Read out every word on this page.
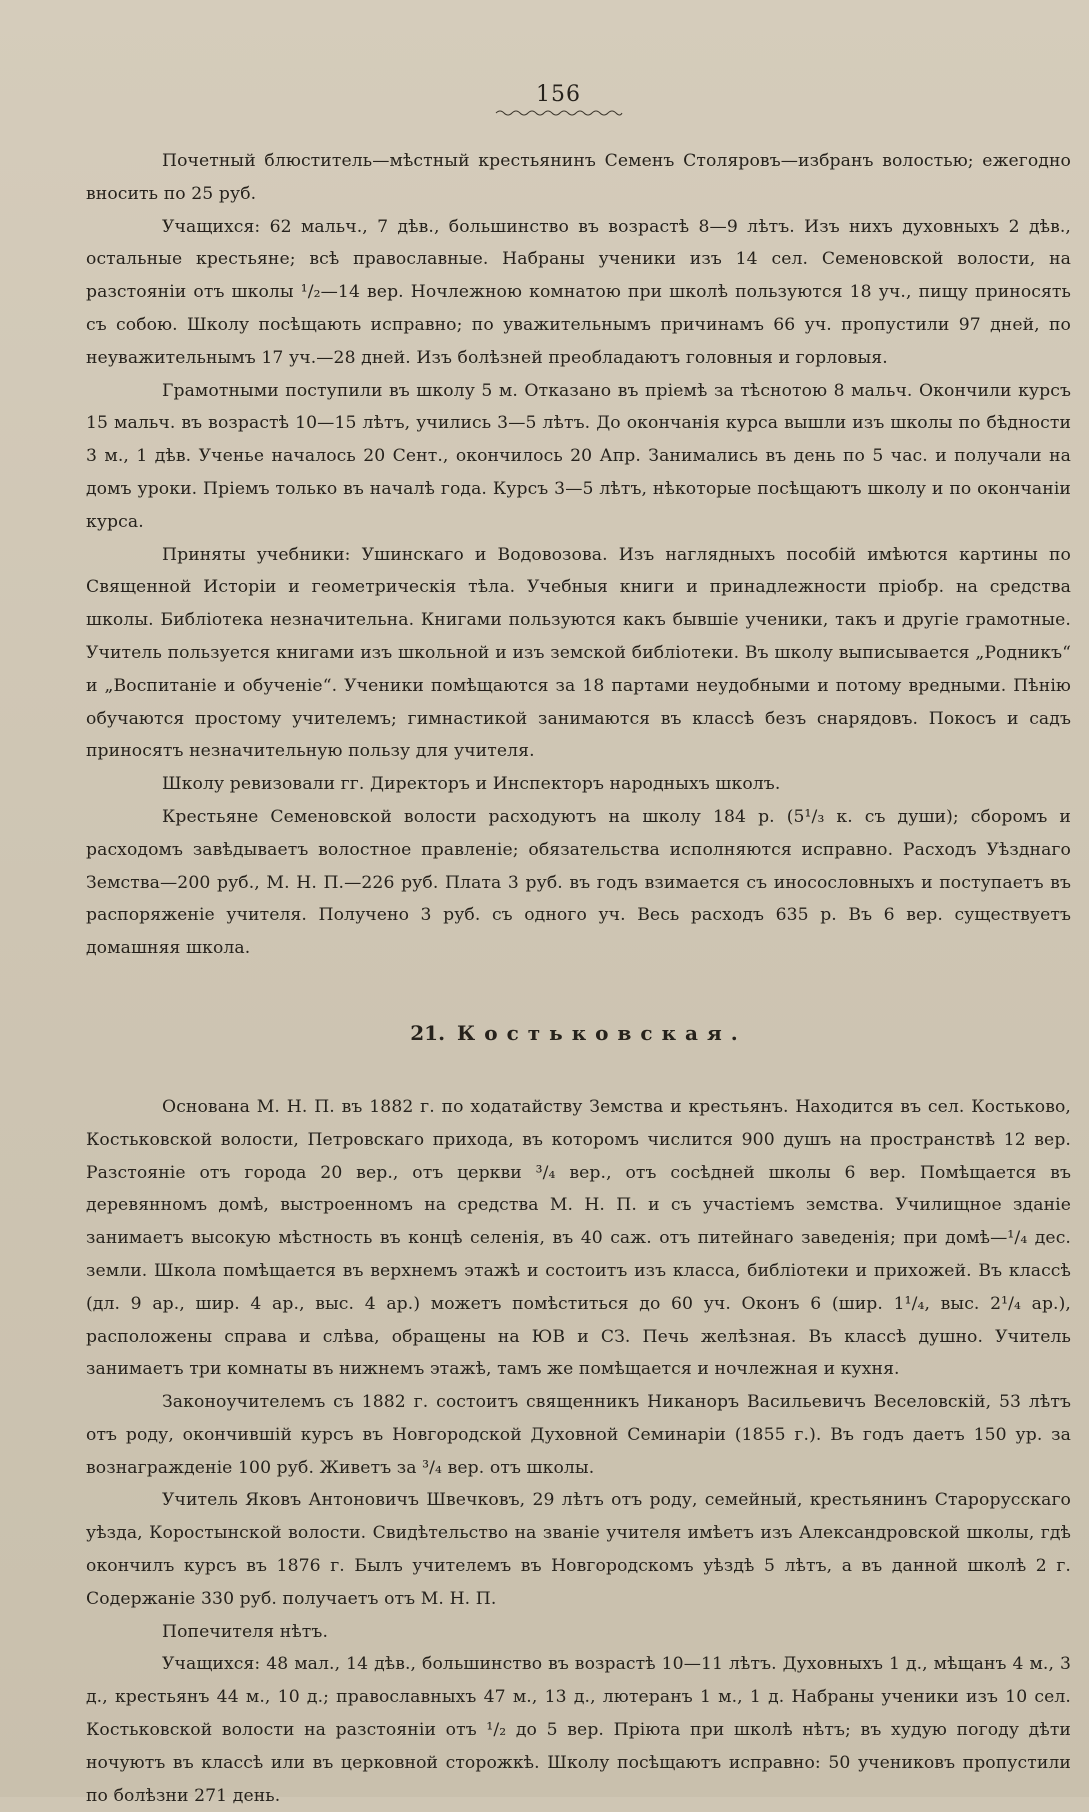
156

Почетный блюститель—мѣстный крестьянинъ Семенъ Столяровъ—избранъ волостью; ежегодно вносить по 25 руб.

Учащихся: 62 мальч., 7 дѣв., большинство въ возрастѣ 8—9 лѣтъ. Изъ нихъ духовныхъ 2 дѣв., остальные крестьяне; всѣ православные. Набраны ученики изъ 14 сел. Семеновской волости, на разстояніи отъ школы ¹/₂—14 вер. Ночлежною комнатою при школѣ пользуются 18 уч., пищу приносять съ собою. Школу посѣщають исправно; по уважительнымъ причинамъ 66 уч. пропустили 97 дней, по неуважительнымъ 17 уч.—28 дней. Изъ болѣзней преобладаютъ головныя и горловыя.

Грамотными поступили въ школу 5 м. Отказано въ пріемѣ за тѣснотою 8 мальч. Окончили курсъ 15 мальч. въ возрастѣ 10—15 лѣтъ, учились 3—5 лѣтъ. До окончанія курса вышли изъ школы по бѣдности 3 м., 1 дѣв. Ученье началось 20 Сент., окончилось 20 Апр. Занимались въ день по 5 час. и получали на домъ уроки. Пріемъ только въ началѣ года. Курсъ 3—5 лѣтъ, нѣкоторые посѣщаютъ школу и по окончаніи курса.

Приняты учебники: Ушинскаго и Водовозова. Изъ наглядныхъ пособій имѣются картины по Священной Исторіи и геометрическія тѣла. Учебныя книги и принадлежности пріобр. на средства школы. Библіотека незначительна. Книгами пользуются какъ бывшіе ученики, такъ и другіе грамотные. Учитель пользуется книгами изъ школьной и изъ земской библіотеки. Въ школу выписывается „Родникъ“ и „Воспитаніе и обученіе“. Ученики помѣщаются за 18 партами неудобными и потому вредными. Пѣнію обучаются простому учителемъ; гимнастикой занимаются въ классѣ безъ снарядовъ. Покосъ и садъ приносятъ незначительную пользу для учителя.

Школу ревизовали гг. Директоръ и Инспекторъ народныхъ школъ.

Крестьяне Семеновской волости расходуютъ на школу 184 р. (5¹/₃ к. съ души); сборомъ и расходомъ завѣдываетъ волостное правленіе; обязательства исполняются исправно. Расходъ Уѣзднаго Земства—200 руб., М. Н. П.—226 руб. Плата 3 руб. въ годъ взимается съ иносословныхъ и поступаетъ въ распоряженіе учителя. Получено 3 руб. съ одного уч. Весь расходъ 635 р. Въ 6 вер. существуетъ домашняя школа.

21. Костьковская.

Основана М. Н. П. въ 1882 г. по ходатайству Земства и крестьянъ. Находится въ сел. Костьково, Костьковской волости, Петровскаго прихода, въ которомъ числится 900 душъ на пространствѣ 12 вер. Разстояніе отъ города 20 вер., отъ церкви ³/₄ вер., отъ сосѣдней школы 6 вер. Помѣщается въ деревянномъ домѣ, выстроенномъ на средства М. Н. П. и съ участіемъ земства. Училищное зданіе занимаетъ высокую мѣстность въ концѣ селенія, въ 40 саж. отъ питейнаго заведенія; при домѣ—¹/₄ дес. земли. Школа помѣщается въ верхнемъ этажѣ и состоитъ изъ класса, библіотеки и прихожей. Въ классѣ (дл. 9 ар., шир. 4 ар., выс. 4 ар.) можетъ помѣститься до 60 уч. Оконъ 6 (шир. 1¹/₄, выс. 2¹/₄ ар.), расположены справа и слѣва, обращены на ЮВ и СЗ. Печь желѣзная. Въ классѣ душно. Учитель занимаетъ три комнаты въ нижнемъ этажѣ, тамъ же помѣщается и ночлежная и кухня.

Законоучителемъ съ 1882 г. состоитъ священникъ Никаноръ Васильевичъ Веселовскій, 53 лѣтъ отъ роду, окончившій курсъ въ Новгородской Духовной Семинаріи (1855 г.). Въ годъ даетъ 150 ур. за вознагражденіе 100 руб. Живетъ за ³/₄ вер. отъ школы.

Учитель Яковъ Антоновичъ Швечковъ, 29 лѣтъ отъ роду, семейный, крестьянинъ Старорусскаго уѣзда, Коростынской волости. Свидѣтельство на званіе учителя имѣетъ изъ Александровской школы, гдѣ окончилъ курсъ въ 1876 г. Былъ учителемъ въ Новгородскомъ уѣздѣ 5 лѣтъ, а въ данной школѣ 2 г. Содержаніе 330 руб. получаетъ отъ М. Н. П.

Попечителя нѣтъ.

Учащихся: 48 мал., 14 дѣв., большинство въ возрастѣ 10—11 лѣтъ. Духовныхъ 1 д., мѣщанъ 4 м., 3 д., крестьянъ 44 м., 10 д.; православныхъ 47 м., 13 д., лютеранъ 1 м., 1 д. Набраны ученики изъ 10 сел. Костьковской волости на разстояніи отъ ¹/₂ до 5 вер. Пріюта при школѣ нѣтъ; въ худую погоду дѣти ночуютъ въ классѣ или въ церковной сторожкѣ. Школу посѣщаютъ исправно: 50 учениковъ пропустили по болѣзни 271 день.
